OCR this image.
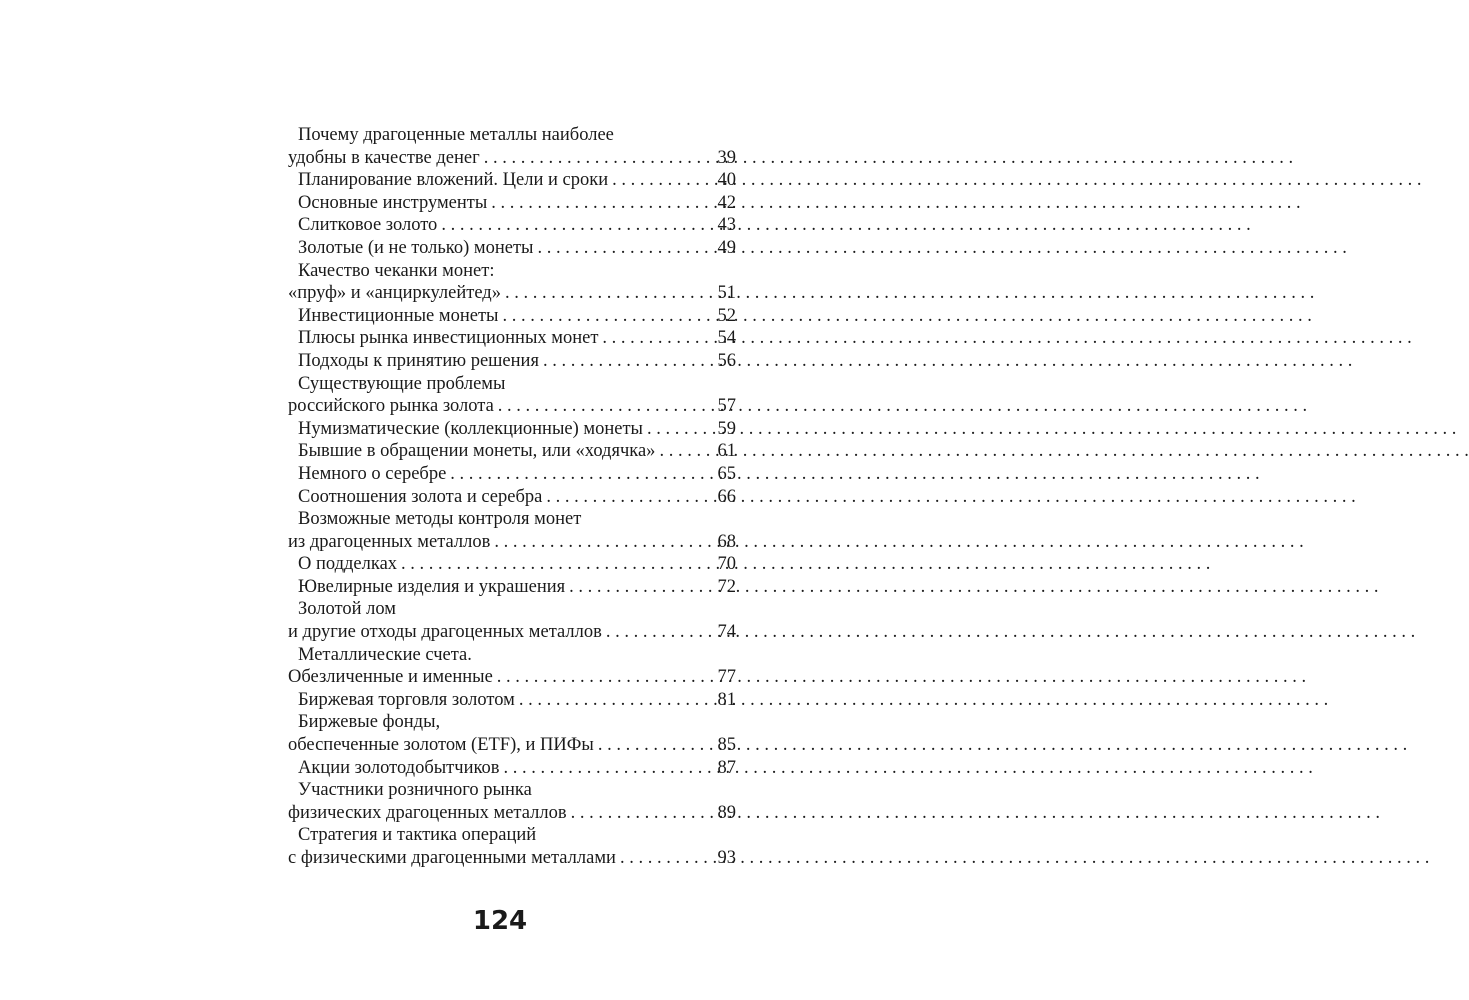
Почему драгоценные металлы наиболее
удобны в качестве денег . . .	39
Планирование вложений. Цели и сроки . . .	40
Основные инструменты . . .	42
Слитковое золото . . .	43
Золотые (и не только) монеты . . .	49
Качество чеканки монет:
«пруф» и «анциркулейтед» . . .	51
Инвестиционные монеты . . .	52
Плюсы рынка инвестиционных монет . . .	54
Подходы к принятию решения . . .	56
Существующие проблемы
российского рынка золота . . .	57
Нумизматические (коллекционные) монеты . . .	59
Бывшие в обращении монеты, или «ходячка» . . .	61
Немного о серебре . . .	65
Соотношения золота и серебра . . .	66
Возможные методы контроля монет
из драгоценных металлов . . .	68
О подделках . . .	70
Ювелирные изделия и украшения . . .	72
Золотой лом
и другие отходы драгоценных металлов . . .	74
Металлические счета.
Обезличенные и именные . . .	77
Биржевая торговля золотом . . .	81
Биржевые фонды,
обеспеченные золотом (ETF), и ПИФы . . .	85
Акции золотодобытчиков . . .	87
Участники розничного рынка
физических драгоценных металлов . . .	89
Стратегия и тактика операций
с физическими драгоценными металлами . . .	93
124
